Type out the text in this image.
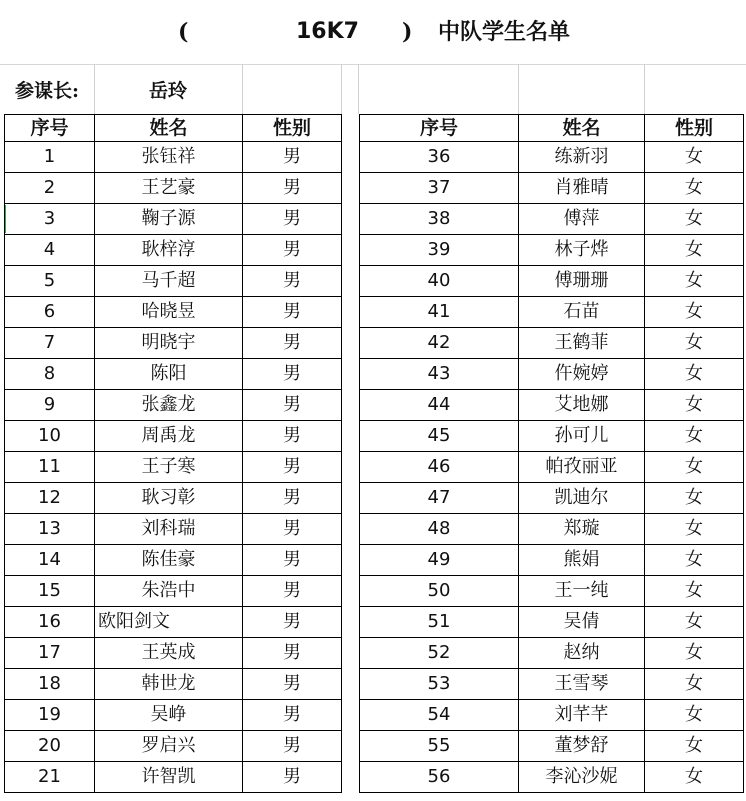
(	16K7 ) 中队学生名单
参谋长:	岳玲
序号	姓名	性别
1	张钰祥	男
2	王艺豪	男
3	鞠子源	男
4	耿梓淳	男
5	马千超	男
6	哈晓昱	男
7	明晓宇	男
8	陈阳	男
9	张鑫龙	男
10	周禹龙	男
11	王子寒	男
12	耿习彰	男
13	刘科瑞	男
14	陈佳豪	男
15	朱浩中	男
16	欧阳剑文	男
17	王英成	男
18	韩世龙	男
19	吴峥	男
20	罗启兴	男
21	许智凯	男
序号	姓名	性别
36	练新羽	女
37	肖雅晴	女
38	傅萍	女
39	林子烨	女
40	傅珊珊	女
41	石苗	女
42	王鹤菲	女
43	仵婉婷	女
44	艾地娜	女
45	孙可儿	女
46	帕孜丽亚	女
47	凯迪尔	女
48	郑璇	女
49	熊娟	女
50	王一纯	女
51	吴倩	女
52	赵纳	女
53	王雪琴	女
54	刘芊芊	女
55	董梦舒	女
56	李沁沙妮	女
